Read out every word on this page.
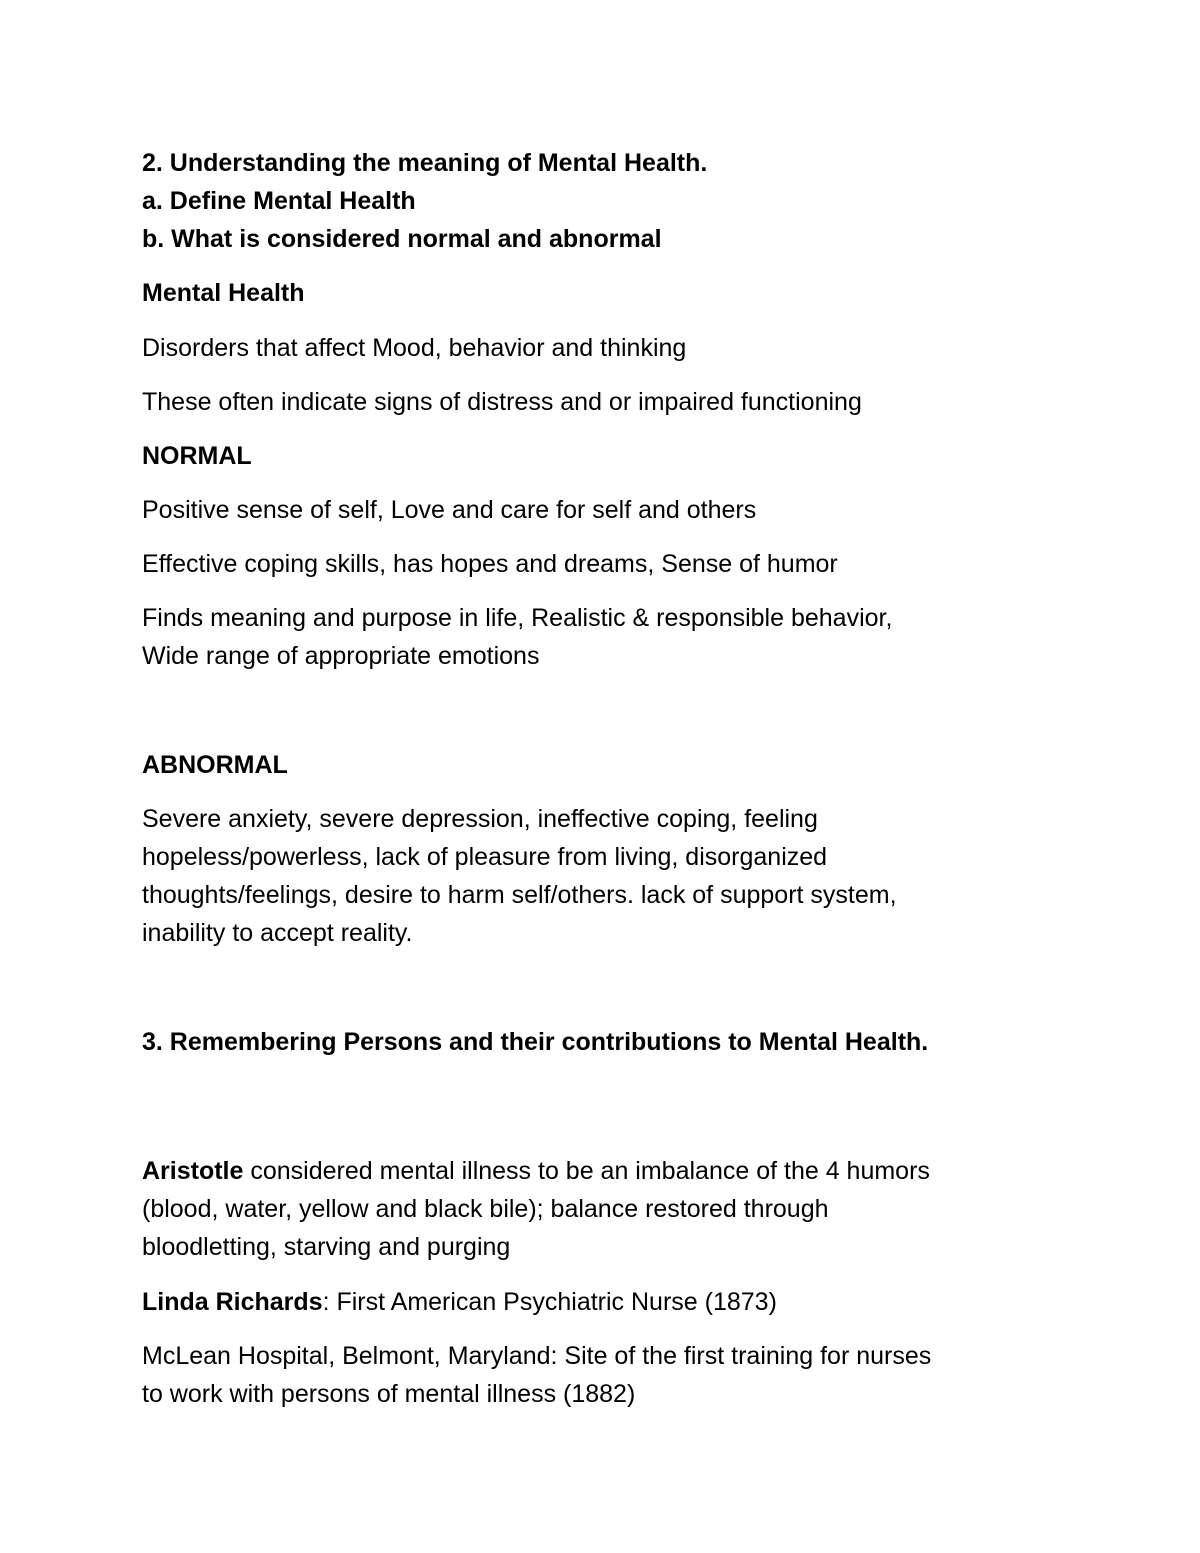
2. Understanding the meaning of Mental Health.
a. Define Mental Health
b. What is considered normal and abnormal
Mental Health
Disorders that affect Mood, behavior and thinking
These often indicate signs of distress and or impaired functioning
NORMAL
Positive sense of self, Love and care for self and others
Effective coping skills, has hopes and dreams, Sense of humor
Finds meaning and purpose in life, Realistic & responsible behavior,
Wide range of appropriate emotions
ABNORMAL
Severe anxiety, severe depression, ineffective coping, feeling
hopeless/powerless, lack of pleasure from living, disorganized
thoughts/feelings, desire to harm self/others. lack of support system,
inability to accept reality.
3. Remembering Persons and their contributions to Mental Health.
Aristotle considered mental illness to be an imbalance of the 4 humors
(blood, water, yellow and black bile); balance restored through
bloodletting, starving and purging
Linda Richards: First American Psychiatric Nurse (1873)
McLean Hospital, Belmont, Maryland: Site of the first training for nurses
to work with persons of mental illness (1882)
